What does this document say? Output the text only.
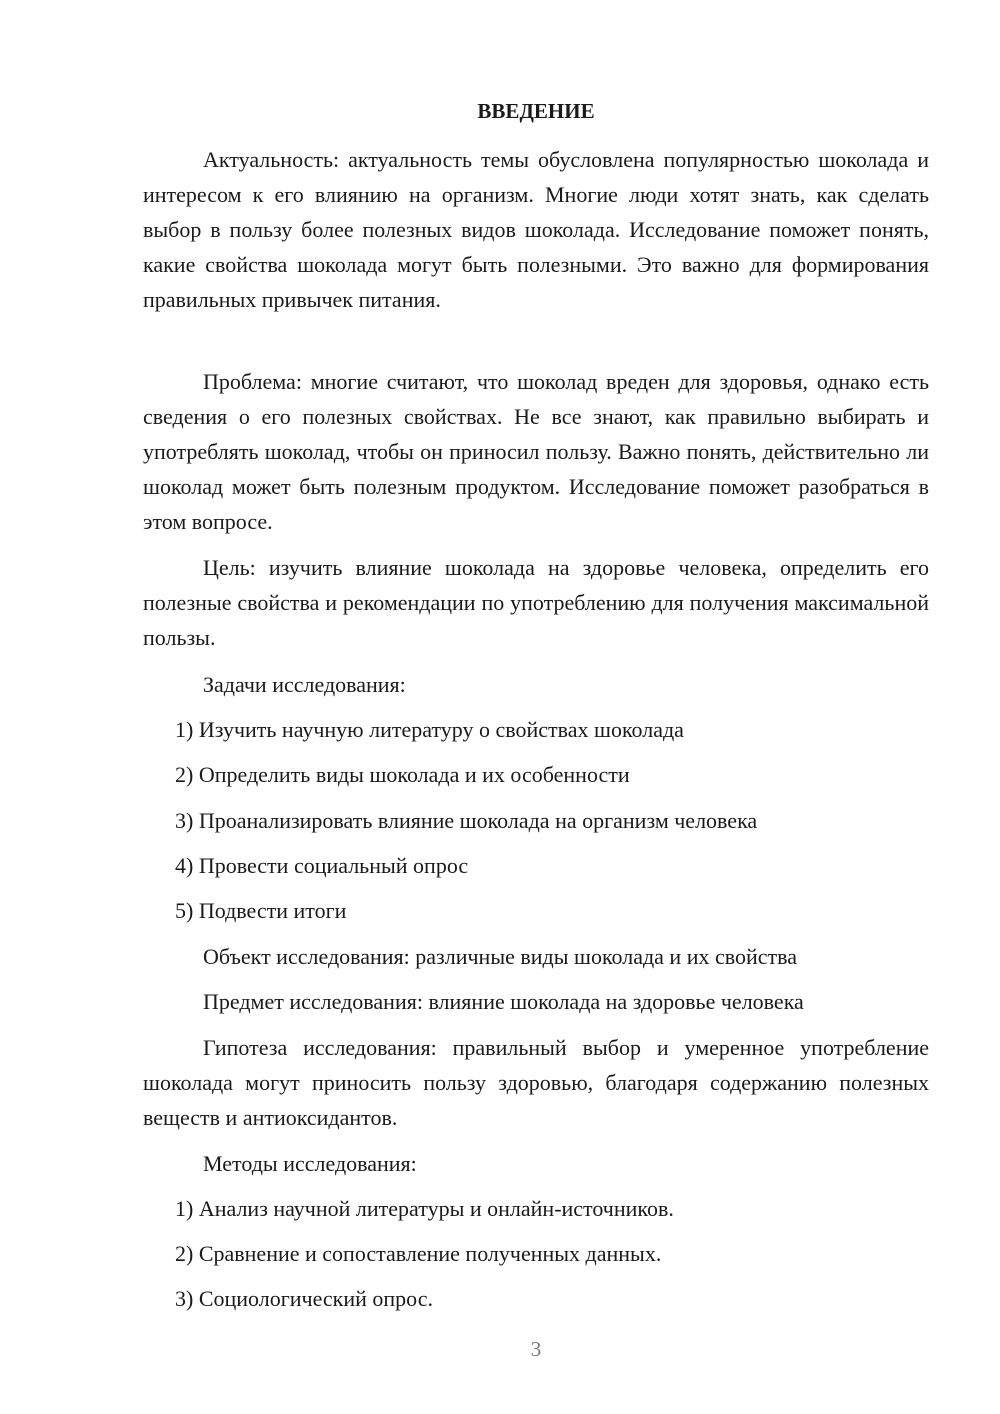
ВВЕДЕНИЕ

Актуальность: актуальность темы обусловлена популярностью шоколада и интересом к его влиянию на организм. Многие люди хотят знать, как сделать выбор в пользу более полезных видов шоколада. Исследование поможет понять, какие свойства шоколада могут быть полезными. Это важно для формирования правильных привычек питания.

Проблема: многие считают, что шоколад вреден для здоровья, однако есть сведения о его полезных свойствах. Не все знают, как правильно выбирать и употреблять шоколад, чтобы он приносил пользу. Важно понять, действительно ли шоколад может быть полезным продуктом. Исследование поможет разобраться в этом вопросе.

Цель: изучить влияние шоколада на здоровье человека, определить его полезные свойства и рекомендации по употреблению для получения максимальной пользы.

Задачи исследования:
1) Изучить научную литературу о свойствах шоколада
2) Определить виды шоколада и их особенности
3) Проанализировать влияние шоколада на организм человека
4) Провести социальный опрос
5) Подвести итоги
Объект исследования: различные виды шоколада и их свойства
Предмет исследования: влияние шоколада на здоровье человека

Гипотеза исследования: правильный выбор и умеренное употребление шоколада могут приносить пользу здоровью, благодаря содержанию полезных веществ и антиоксидантов.

Методы исследования:
1) Анализ научной литературы и онлайн-источников.
2) Сравнение и сопоставление полученных данных.
3) Социологический опрос.
3
